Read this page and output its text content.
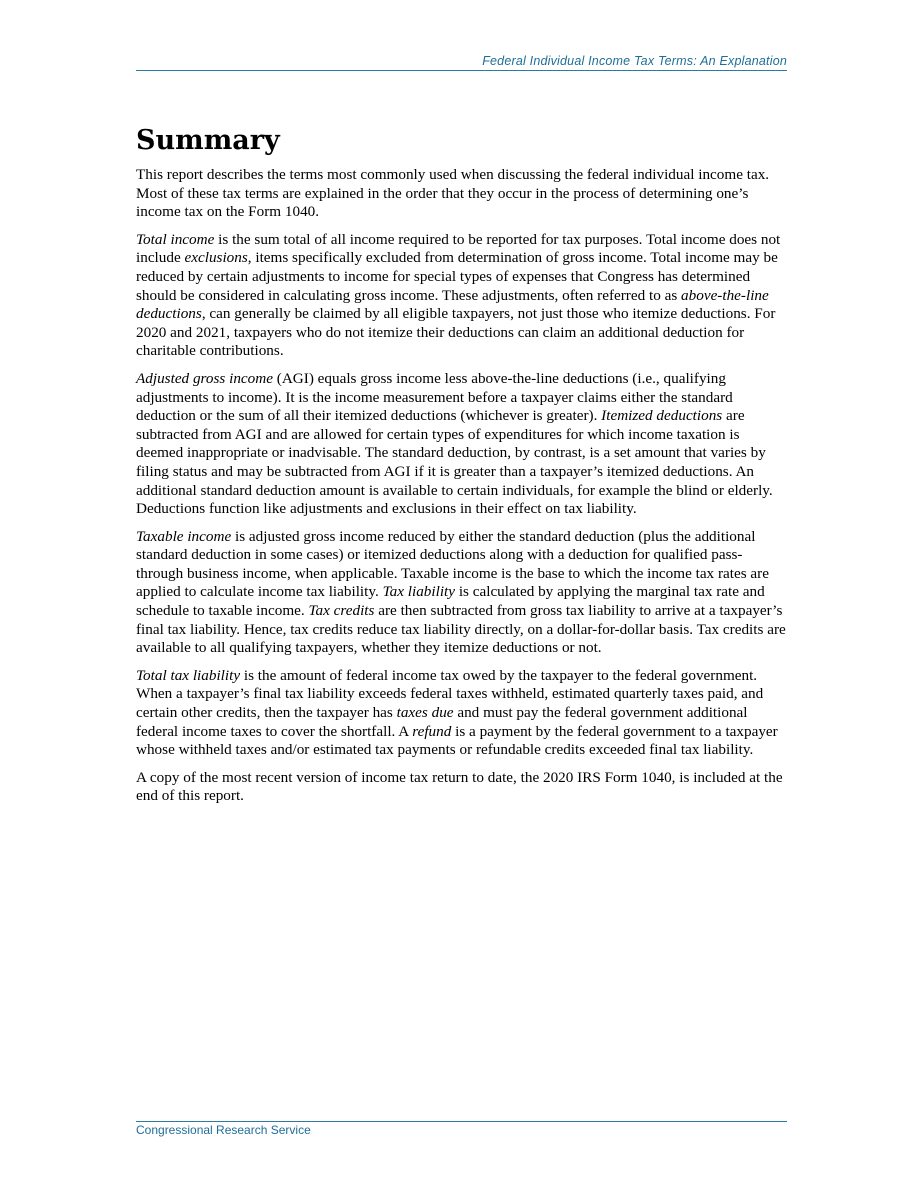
Federal Individual Income Tax Terms: An Explanation
Summary

This report describes the terms most commonly used when discussing the federal individual income tax. Most of these tax terms are explained in the order that they occur in the process of determining one’s income tax on the Form 1040.

Total income is the sum total of all income required to be reported for tax purposes. Total income does not include exclusions, items specifically excluded from determination of gross income. Total income may be reduced by certain adjustments to income for special types of expenses that Congress has determined should be considered in calculating gross income. These adjustments, often referred to as above-the-line deductions, can generally be claimed by all eligible taxpayers, not just those who itemize deductions. For 2020 and 2021, taxpayers who do not itemize their deductions can claim an additional deduction for charitable contributions.

Adjusted gross income (AGI) equals gross income less above-the-line deductions (i.e., qualifying adjustments to income). It is the income measurement before a taxpayer claims either the standard deduction or the sum of all their itemized deductions (whichever is greater). Itemized deductions are subtracted from AGI and are allowed for certain types of expenditures for which income taxation is deemed inappropriate or inadvisable. The standard deduction, by contrast, is a set amount that varies by filing status and may be subtracted from AGI if it is greater than a taxpayer’s itemized deductions. An additional standard deduction amount is available to certain individuals, for example the blind or elderly. Deductions function like adjustments and exclusions in their effect on tax liability.

Taxable income is adjusted gross income reduced by either the standard deduction (plus the additional standard deduction in some cases) or itemized deductions along with a deduction for qualified pass-through business income, when applicable. Taxable income is the base to which the income tax rates are applied to calculate income tax liability. Tax liability is calculated by applying the marginal tax rate and schedule to taxable income. Tax credits are then subtracted from gross tax liability to arrive at a taxpayer’s final tax liability. Hence, tax credits reduce tax liability directly, on a dollar-for-dollar basis. Tax credits are available to all qualifying taxpayers, whether they itemize deductions or not.

Total tax liability is the amount of federal income tax owed by the taxpayer to the federal government. When a taxpayer’s final tax liability exceeds federal taxes withheld, estimated quarterly taxes paid, and certain other credits, then the taxpayer has taxes due and must pay the federal government additional federal income taxes to cover the shortfall. A refund is a payment by the federal government to a taxpayer whose withheld taxes and/or estimated tax payments or refundable credits exceeded final tax liability.

A copy of the most recent version of income tax return to date, the 2020 IRS Form 1040, is included at the end of this report.

Congressional Research Service
